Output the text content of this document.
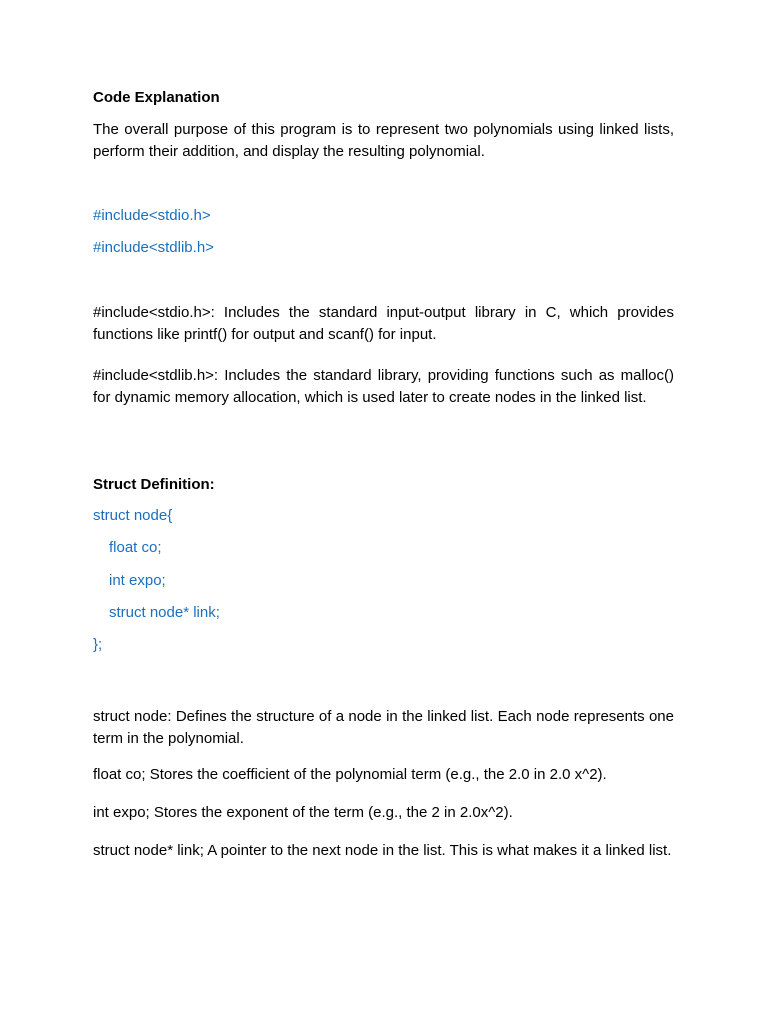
Code Explanation
The overall purpose of this program is to represent two polynomials using linked lists, perform their addition, and display the resulting polynomial.
#include<stdio.h>
#include<stdlib.h>
#include<stdio.h>: Includes the standard input-output library in C, which provides functions like printf() for output and scanf() for input.
#include<stdlib.h>: Includes the standard library, providing functions such as malloc() for dynamic memory allocation, which is used later to create nodes in the linked list.
Struct Definition:
struct node{
float co;
int expo;
struct node* link;
};
struct node: Defines the structure of a node in the linked list. Each node represents one term in the polynomial.
float co; Stores the coefficient of the polynomial term (e.g., the 2.0 in 2.0 x^2).
int expo; Stores the exponent of the term (e.g., the 2 in 2.0x^2).
struct node* link; A pointer to the next node in the list. This is what makes it a linked list.
